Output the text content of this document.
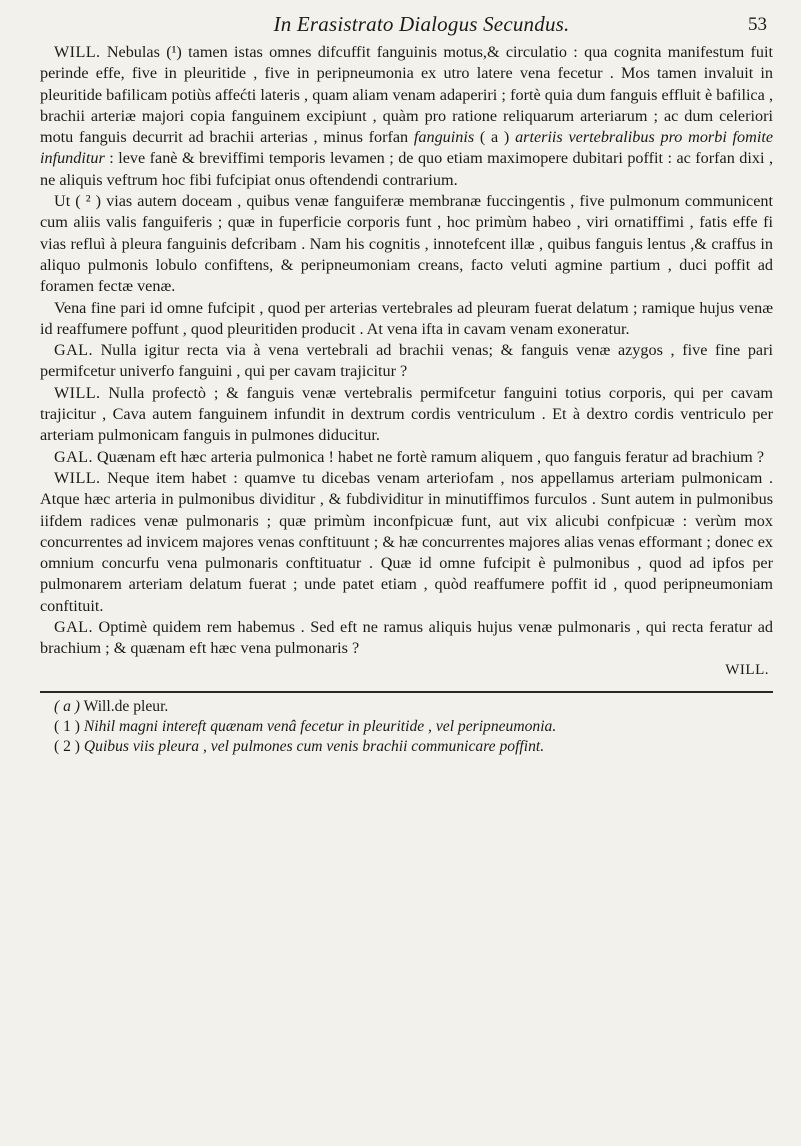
In Erasistrato Dialogus Secundus.	53

WILL. Nebulas (¹) tamen istas omnes difcuffit fanguinis motus,& circulatio : qua cognita manifestum fuit perinde effe, five in pleuritide , five in peripneumonia ex utro latere vena fecetur . Mos tamen invaluit in pleuritide bafilicam potiùs affećti lateris , quam aliam venam adaperiri ; fortè quia dum fanguis effluit è bafilica , brachii arteriæ majori copia fanguinem excipiunt , quàm pro ratione reliquarum arteriarum ; ac dum celeriori motu fanguis decurrit ad brachii arterias , minus forfan fanguinis ( a ) arteriis vertebralibus pro morbi fomite infunditur : leve fanè & breviffimi temporis levamen ; de quo etiam maximopere dubitari poffit : ac forfan dixi , ne aliquis veftrum hoc fibi fufcipiat onus oftendendi contrarium.

Ut ( ² ) vias autem doceam , quibus venæ fanguiferæ membranæ fuccingentis , five pulmonum communicent cum aliis valis fanguiferis ; quæ in fuperficie corporis funt , hoc primùm habeo , viri ornatiffimi , fatis effe fi vias refluì à pleura fanguinis defcribam . Nam his cognitis , innotefcent illæ , quibus fanguis lentus ,& craffus in aliquo pulmonis lobulo confiftens, & peripneumoniam creans, facto veluti agmine partium , duci poffit ad foramen fectæ venæ.

Vena fine pari id omne fufcipit , quod per arterias vertebrales ad pleuram fuerat delatum ; ramique hujus venæ id reaffumere poffunt , quod pleuritiden producit . At vena ifta in cavam venam exoneratur.

GAL. Nulla igitur recta via à vena vertebrali ad brachii venas; & fanguis venæ azygos , five fine pari permifcetur univerfo fanguini , qui per cavam trajicitur ?

WILL. Nulla profectò ; & fanguis venæ vertebralis permifcetur fanguini totius corporis, qui per cavam trajicitur , Cava autem fanguinem infundit in dextrum cordis ventriculum . Et à dextro cordis ventriculo per arteriam pulmonicam fanguis in pulmones diducitur.

GAL. Quænam eft hæc arteria pulmonica ! habet ne fortè ramum aliquem , quo fanguis feratur ad brachium ?

WILL. Neque item habet : quamve tu dicebas venam arteriofam , nos appellamus arteriam pulmonicam . Atque hæc arteria in pulmonibus dividitur , & fubdividitur in minutiffimos furculos . Sunt autem in pulmonibus iifdem radices venæ pulmonaris ; quæ primùm inconfpicuæ funt, aut vix alicubi confpicuæ : verùm mox concurrentes ad invicem majores venas conftituunt ; & hæ concurrentes majores alias venas efformant ; donec ex omnium concurfu vena pulmonaris conftituatur . Quæ id omne fufcipit è pulmonibus , quod ad ipfos per pulmonarem arteriam delatum fuerat ; unde patet etiam , quòd reaffumere poffit id , quod peripneumoniam conftituit.

GAL. Optimè quidem rem habemus . Sed eft ne ramus aliquis hujus venæ pulmonaris , qui recta feratur ad brachium ; & quænam eft hæc vena pulmonaris ?

WILL.

( a ) Will.de pleur.

( 1 ) Nihil magni intereft quænam venâ fecetur in pleuritide , vel peripneumonia.

( 2 ) Quibus viis pleura , vel pulmones cum venis brachii communicare poffint.
